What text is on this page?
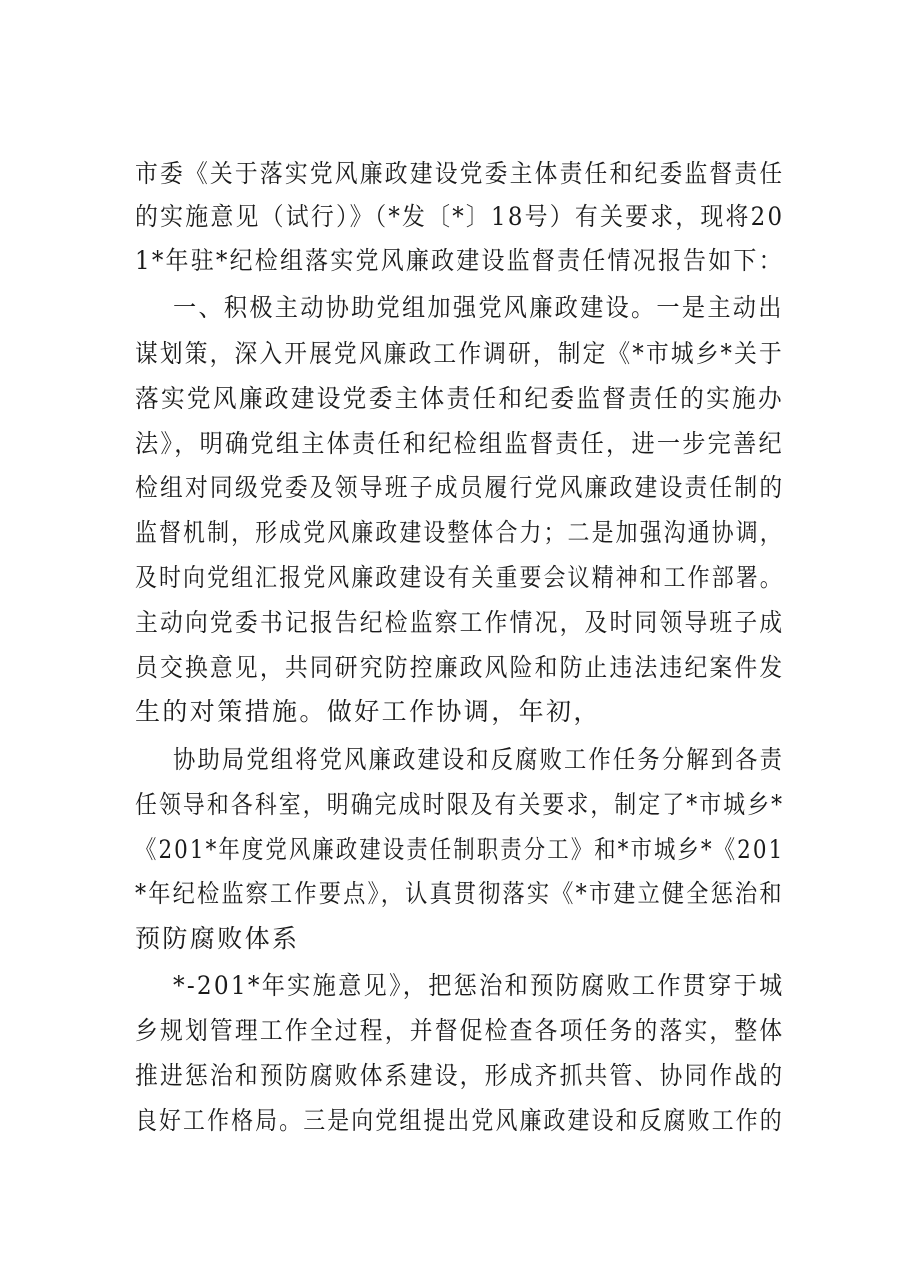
市委《关于落实党风廉政建设党委主体责任和纪委监督责任
的实施意见（试行）》（*发〔*〕18号）有关要求，现将20
1*年驻*纪检组落实党风廉政建设监督责任情况报告如下：
一、积极主动协助党组加强党风廉政建设。一是主动出
谋划策，深入开展党风廉政工作调研，制定《*市城乡*关于
落实党风廉政建设党委主体责任和纪委监督责任的实施办
法》，明确党组主体责任和纪检组监督责任，进一步完善纪
检组对同级党委及领导班子成员履行党风廉政建设责任制的
监督机制，形成党风廉政建设整体合力；二是加强沟通协调，
及时向党组汇报党风廉政建设有关重要会议精神和工作部署。
主动向党委书记报告纪检监察工作情况，及时同领导班子成
员交换意见，共同研究防控廉政风险和防止违法违纪案件发
生的对策措施。做好工作协调，年初，
协助局党组将党风廉政建设和反腐败工作任务分解到各责
任领导和各科室，明确完成时限及有关要求，制定了*市城乡*
《201*年度党风廉政建设责任制职责分工》和*市城乡*《201
*年纪检监察工作要点》，认真贯彻落实《*市建立健全惩治和
预防腐败体系
*-201*年实施意见》，把惩治和预防腐败工作贯穿于城
乡规划管理工作全过程，并督促检查各项任务的落实，整体
推进惩治和预防腐败体系建设，形成齐抓共管、协同作战的
良好工作格局。三是向党组提出党风廉政建设和反腐败工作的
